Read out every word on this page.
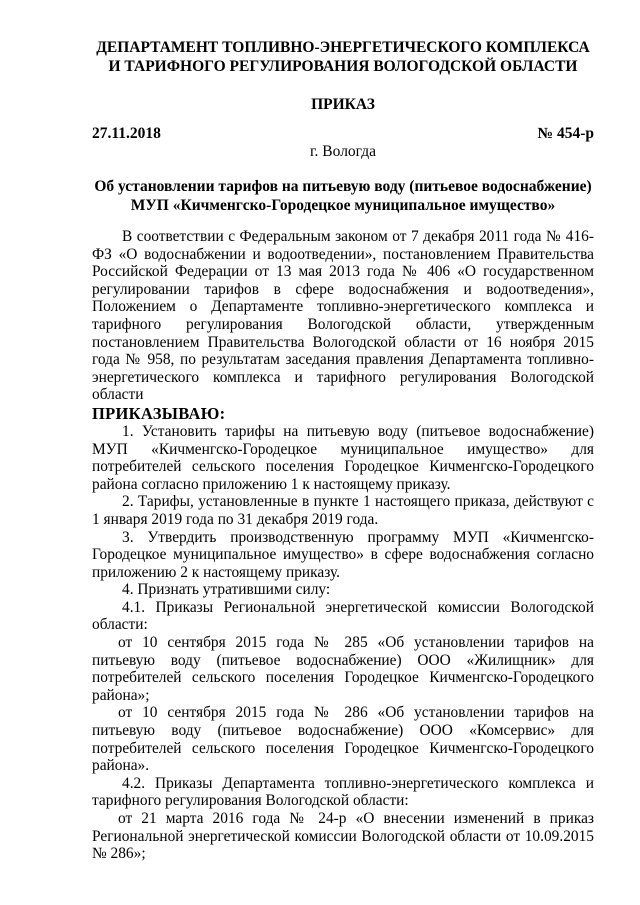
ДЕПАРТАМЕНТ ТОПЛИВНО-ЭНЕРГЕТИЧЕСКОГО КОМПЛЕКСА
И ТАРИФНОГО РЕГУЛИРОВАНИЯ ВОЛОГОДСКОЙ ОБЛАСТИ
ПРИКАЗ
27.11.2018	№ 454-р
г. Вологда
Об установлении тарифов на питьевую воду (питьевое водоснабжение)
МУП «Кичменгско-Городецкое муниципальное имущество»

В соответствии с Федеральным законом от 7 декабря 2011 года № 416-ФЗ «О водоснабжении и водоотведении», постановлением Правительства Российской Федерации от 13 мая 2013 года № 406 «О государственном регулировании тарифов в сфере водоснабжения и водоотведения», Положением о Департаменте топливно-энергетического комплекса и тарифного регулирования Вологодской области, утвержденным постановлением Правительства Вологодской области от 16 ноября 2015 года № 958, по результатам заседания правления Департамента топливно-энергетического комплекса и тарифного регулирования Вологодской области

ПРИКАЗЫВАЮ:

1. Установить тарифы на питьевую воду (питьевое водоснабжение) МУП «Кичменгско-Городецкое муниципальное имущество» для потребителей сельского поселения Городецкое Кичменгско-Городецкого района согласно приложению 1 к настоящему приказу.

2. Тарифы, установленные в пункте 1 настоящего приказа, действуют с 1 января 2019 года по 31 декабря 2019 года.

3. Утвердить производственную программу МУП «Кичменгско-Городецкое муниципальное имущество» в сфере водоснабжения согласно приложению 2 к настоящему приказу.

4. Признать утратившими силу:

4.1. Приказы Региональной энергетической комиссии Вологодской области:

от 10 сентября 2015 года № 285 «Об установлении тарифов на питьевую воду (питьевое водоснабжение) ООО «Жилищник» для потребителей сельского поселения Городецкое Кичменгско-Городецкого района»;

от 10 сентября 2015 года № 286 «Об установлении тарифов на питьевую воду (питьевое водоснабжение) ООО «Комсервис» для потребителей сельского поселения Городецкое Кичменгско-Городецкого района».

4.2. Приказы Департамента топливно-энергетического комплекса и тарифного регулирования Вологодской области:

от 21 марта 2016 года № 24-р «О внесении изменений в приказ Региональной энергетической комиссии Вологодской области от 10.09.2015 № 286»;
